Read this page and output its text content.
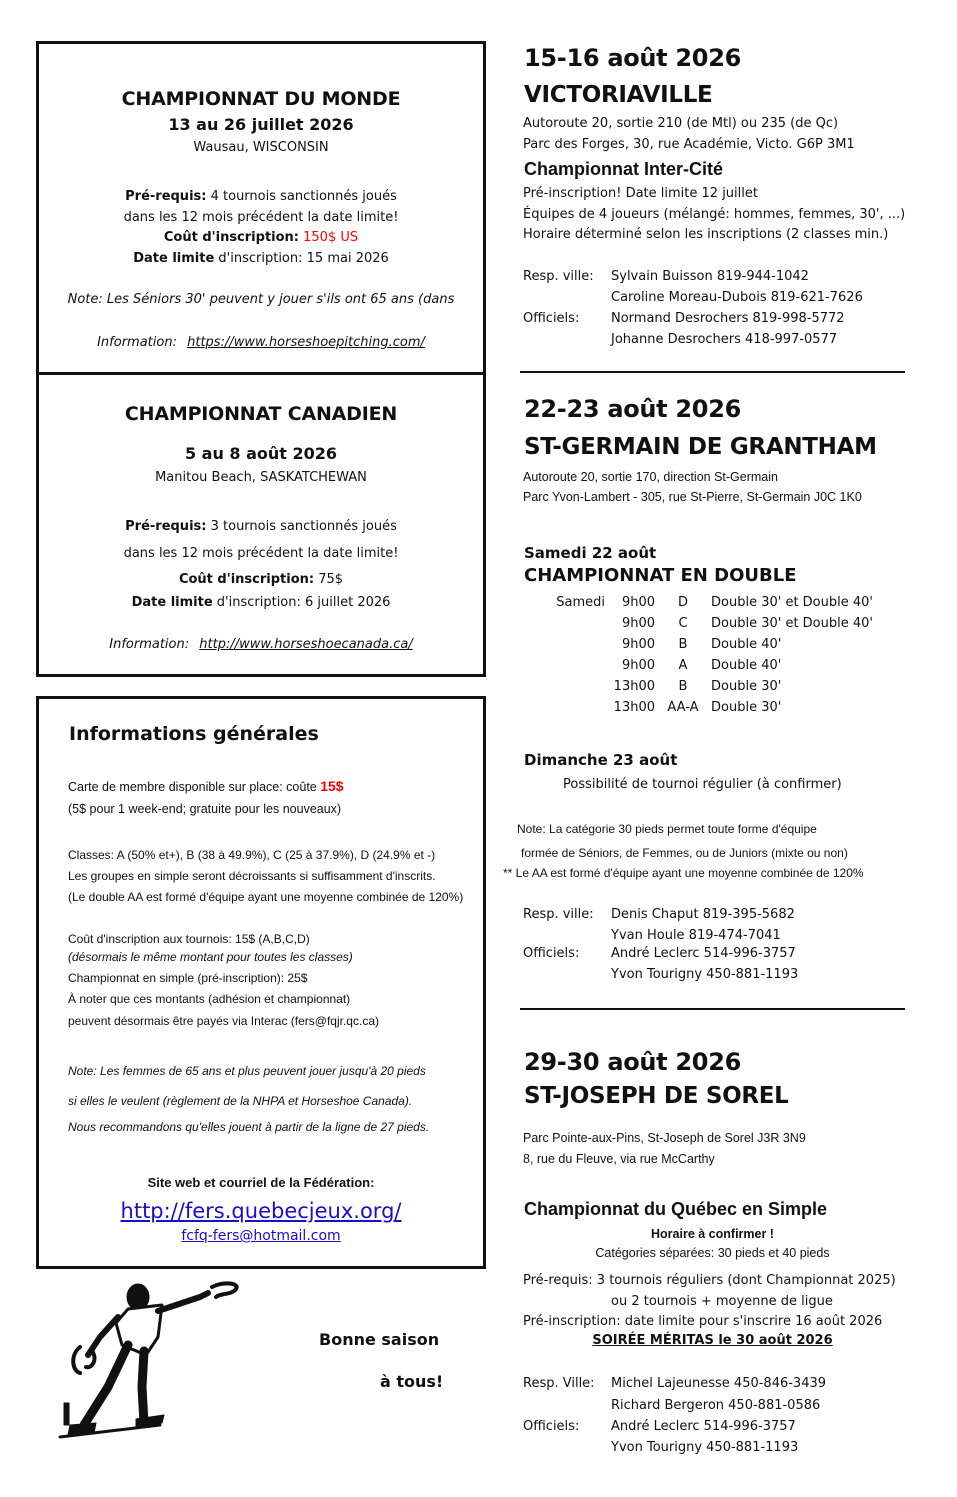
CHAMPIONNAT DU MONDE
13 au 26 juillet 2026
Wausau, WISCONSIN
Pré-requis: 4 tournois sanctionnés joués
dans les 12 mois précédent la date limite!
Coût d'inscription: 150$ US
Date limite d'inscription: 15 mai 2026
Note: Les Séniors 30' peuvent y jouer s'ils ont 65 ans (dans
Information: https://www.horseshoepitching.com/
CHAMPIONNAT CANADIEN
5 au 8 août 2026
Manitou Beach, SASKATCHEWAN
Pré-requis: 3 tournois sanctionnés joués
dans les 12 mois précédent la date limite!
Coût d'inscription: 75$
Date limite d'inscription: 6 juillet 2026
Information: http://www.horseshoecanada.ca/
Informations générales
Carte de membre disponible sur place: coûte 15$
(5$ pour 1 week-end; gratuite pour les nouveaux)
Classes: A (50% et+), B (38 à 49.9%), C (25 à 37.9%), D (24.9% et -)
Les groupes en simple seront décroissants si suffisamment d'inscrits.
(Le double AA est formé d'équipe ayant une moyenne combinée de 120%)
Coût d'inscription aux tournois: 15$ (A,B,C,D)
(désormais le même montant pour toutes les classes)
Championnat en simple (pré-inscription): 25$
À noter que ces montants (adhésion et championnat)
peuvent désormais être payés via Interac (fers@fqjr.qc.ca)
Note: Les femmes de 65 ans et plus peuvent jouer jusqu'à 20 pieds
si elles le veulent (règlement de la NHPA et Horseshoe Canada).
Nous recommandons qu'elles jouent à partir de la ligne de 27 pieds.
Site web et courriel de la Fédération:
http://fers.quebecjeux.org/
fcfq-fers@hotmail.com
Bonne saison
à tous!
15-16 août 2026
VICTORIAVILLE
Autoroute 20, sortie 210 (de Mtl) ou 235 (de Qc)
Parc des Forges, 30, rue Académie, Victo. G6P 3M1
Championnat Inter-Cité
Pré-inscription! Date limite 12 juillet
Équipes de 4 joueurs (mélangé: hommes, femmes, 30', ...)
Horaire déterminé selon les inscriptions (2 classes min.)
Resp. ville: Sylvain Buisson 819-944-1042
Caroline Moreau-Dubois 819-621-7626
Officiels: Normand Desrochers 819-998-5772
Johanne Desrochers 418-997-0577
22-23 août 2026
ST-GERMAIN DE GRANTHAM
Autoroute 20, sortie 170, direction St-Germain
Parc Yvon-Lambert - 305, rue St-Pierre, St-Germain J0C 1K0
Samedi 22 août
CHAMPIONNAT EN DOUBLE
Samedi	9h00	D	Double 30' et Double 40'
9h00	C	Double 30' et Double 40'
9h00	B	Double 40'
9h00	A	Double 40'
13h00	B	Double 30'
13h00 AA-A Double 30'
Dimanche 23 août
Possibilité de tournoi régulier (à confirmer)
Note: La catégorie 30 pieds permet toute forme d'équipe
formée de Séniors, de Femmes, ou de Juniors (mixte ou non)
** Le AA est formé d'équipe ayant une moyenne combinée de 120%
Resp. ville: Denis Chaput 819-395-5682
Yvan Houle 819-474-7041
Officiels: André Leclerc 514-996-3757
Yvon Tourigny 450-881-1193
29-30 août 2026
ST-JOSEPH DE SOREL
Parc Pointe-aux-Pins, St-Joseph de Sorel J3R 3N9
8, rue du Fleuve, via rue McCarthy
Championnat du Québec en Simple
Horaire à confirmer !
Catégories séparées: 30 pieds et 40 pieds
Pré-requis: 3 tournois réguliers (dont Championnat 2025)
ou 2 tournois + moyenne de ligue
Pré-inscription: date limite pour s'inscrire 16 août 2026
SOIRÉE MÉRITAS le 30 août 2026
Resp. Ville: Michel Lajeunesse 450-846-3439
Richard Bergeron 450-881-0586
Officiels: André Leclerc 514-996-3757
Yvon Tourigny 450-881-1193
